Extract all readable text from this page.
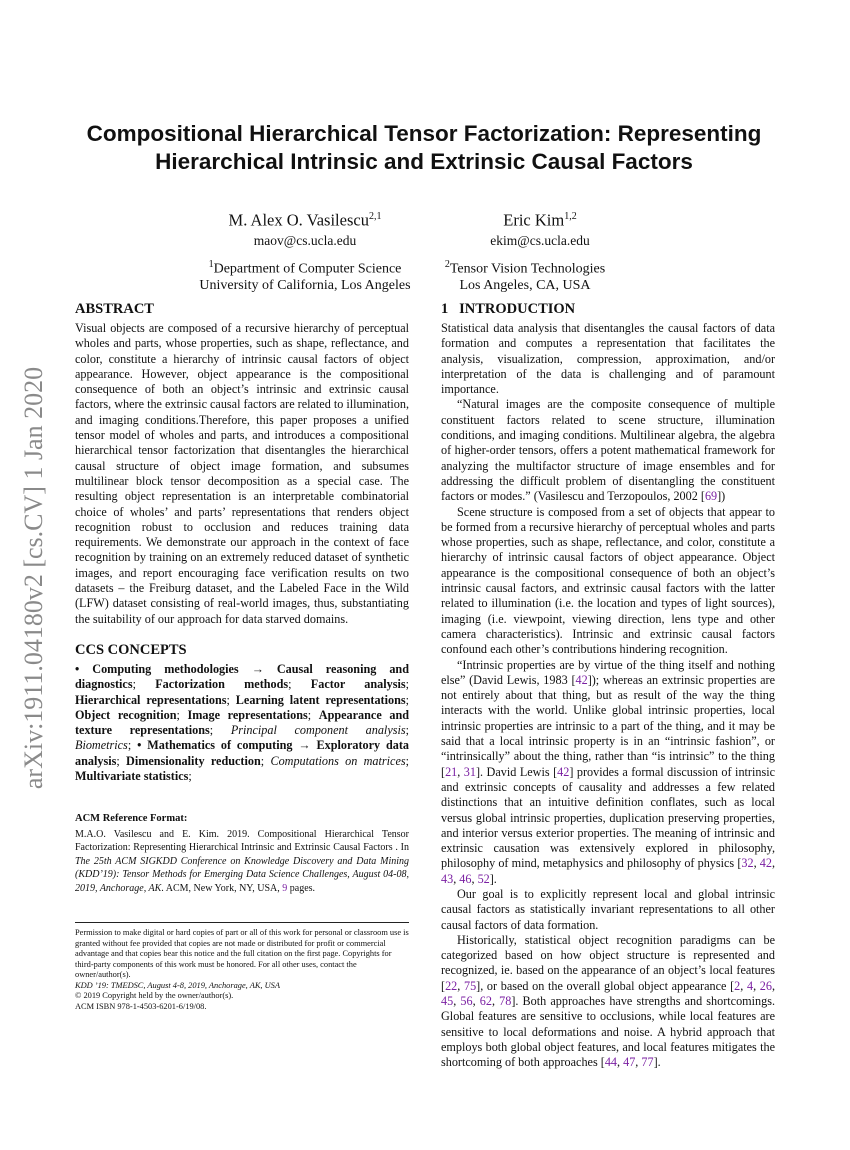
arXiv:1911.04180v2 [cs.CV] 1 Jan 2020
Compositional Hierarchical Tensor Factorization: Representing Hierarchical Intrinsic and Extrinsic Causal Factors
M. Alex O. Vasilescu$^{2,1}$
maov@cs.ucla.edu
Eric Kim$^{1,2}$
ekim@cs.ucla.edu
$^1$Department of Computer Science
University of California, Los Angeles
$^2$Tensor Vision Technologies
Los Angeles, CA, USA
ABSTRACT

Visual objects are composed of a recursive hierarchy of perceptual wholes and parts, whose properties, such as shape, reflectance, and color, constitute a hierarchy of intrinsic causal factors of object appearance. However, object appearance is the compositional consequence of both an object’s intrinsic and extrinsic causal factors, where the extrinsic causal factors are related to illumination, and imaging conditions.Therefore, this paper proposes a unified tensor model of wholes and parts, and introduces a compositional hierarchical tensor factorization that disentangles the hierarchical causal structure of object image formation, and subsumes multilinear block tensor decomposition as a special case. The resulting object representation is an interpretable combinatorial choice of wholes’ and parts’ representations that renders object recognition robust to occlusion and reduces training data requirements. We demonstrate our approach in the context of face recognition by training on an extremely reduced dataset of synthetic images, and report encouraging face verification results on two datasets – the Freiburg dataset, and the Labeled Face in the Wild (LFW) dataset consisting of real-world images, thus, substantiating the suitability of our approach for data starved domains.

CCS CONCEPTS

• Computing methodologies → Causal reasoning and diagnostics; Factorization methods; Factor analysis; Hierarchical representations; Learning latent representations; Object recognition; Image representations; Appearance and texture representations; Principal component analysis; Biometrics; • Mathematics of computing → Exploratory data analysis; Dimensionality reduction; Computations on matrices; Multivariate statistics;

ACM Reference Format:

M.A.O. Vasilescu and E. Kim. 2019. Compositional Hierarchical Tensor Factorization: Representing Hierarchical Intrinsic and Extrinsic Causal Factors . In The 25th ACM SIGKDD Conference on Knowledge Discovery and Data Mining (KDD’19): Tensor Methods for Emerging Data Science Challenges, August 04-08, 2019, Anchorage, AK. ACM, New York, NY, USA, 9 pages.

Permission to make digital or hard copies of part or all of this work for personal or classroom use is granted without fee provided that copies are not made or distributed for profit or commercial advantage and that copies bear this notice and the full citation on the first page. Copyrights for third-party components of this work must be honored. For all other uses, contact the owner/author(s).

KDD ’19: TMEDSC, August 4-8, 2019, Anchorage, AK, USA

© 2019 Copyright held by the owner/author(s).

ACM ISBN 978-1-4503-6201-6/19/08.

1 INTRODUCTION

Statistical data analysis that disentangles the causal factors of data formation and computes a representation that facilitates the analysis, visualization, compression, approximation, and/or interpretation of the data is challenging and of paramount importance.

“Natural images are the composite consequence of multiple constituent factors related to scene structure, illumination conditions, and imaging conditions. Multilinear algebra, the algebra of higher-order tensors, offers a potent mathematical framework for analyzing the multifactor structure of image ensembles and for addressing the difficult problem of disentangling the constituent factors or modes.” (Vasilescu and Terzopoulos, 2002 [69])

Scene structure is composed from a set of objects that appear to be formed from a recursive hierarchy of perceptual wholes and parts whose properties, such as shape, reflectance, and color, constitute a hierarchy of intrinsic causal factors of object appearance. Object appearance is the compositional consequence of both an object’s intrinsic causal factors, and extrinsic causal factors with the latter related to illumination (i.e. the location and types of light sources), imaging (i.e. viewpoint, viewing direction, lens type and other camera characteristics). Intrinsic and extrinsic causal factors confound each other’s contributions hindering recognition.

“Intrinsic properties are by virtue of the thing itself and nothing else” (David Lewis, 1983 [42]); whereas an extrinsic properties are not entirely about that thing, but as result of the way the thing interacts with the world. Unlike global intrinsic properties, local intrinsic properties are intrinsic to a part of the thing, and it may be said that a local intrinsic property is in an “intrinsic fashion”, or “intrinsically” about the thing, rather than “is intrinsic” to the thing [21, 31]. David Lewis [42] provides a formal discussion of intrinsic and extrinsic concepts of causality and addresses a few related distinctions that an intuitive definition conflates, such as local versus global intrinsic properties, duplication preserving properties, and interior versus exterior properties. The meaning of intrinsic and extrinsic causation was extensively explored in philosophy, philosophy of mind, metaphysics and philosophy of physics [32, 42, 43, 46, 52].

Our goal is to explicitly represent local and global intrinsic causal factors as statistically invariant representations to all other causal factors of data formation.

Historically, statistical object recognition paradigms can be categorized based on how object structure is represented and recognized, ie. based on the appearance of an object’s local features [22, 75], or based on the overall global object appearance [2, 4, 26, 45, 56, 62, 78]. Both approaches have strengths and shortcomings. Global features are sensitive to occlusions, while local features are sensitive to local deformations and noise. A hybrid approach that employs both global object features, and local features mitigates the shortcoming of both approaches [44, 47, 77].
